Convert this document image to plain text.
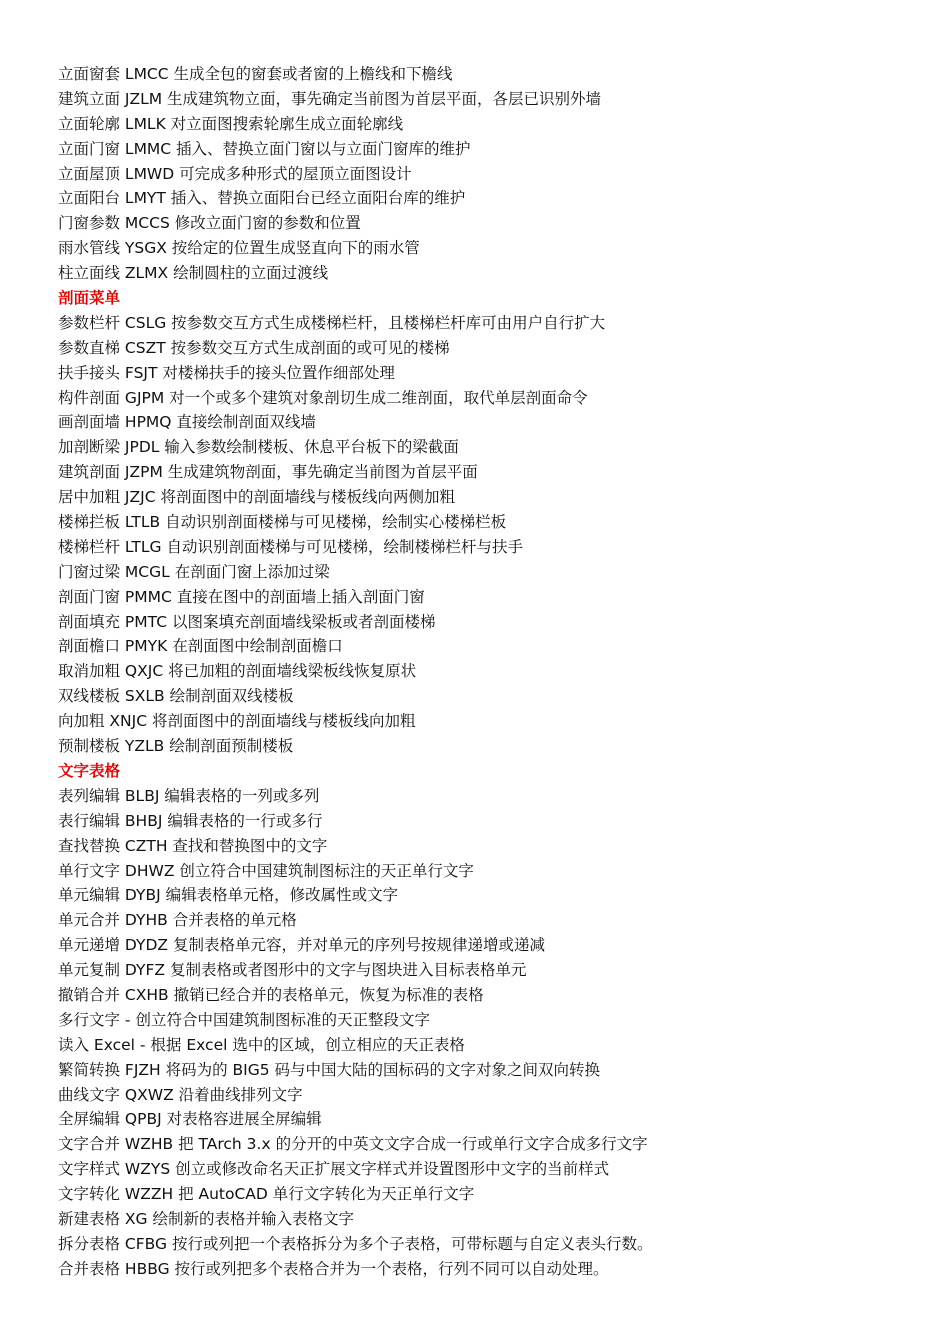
立面窗套 LMCC 生成全包的窗套或者窗的上檐线和下檐线
建筑立面 JZLM 生成建筑物立面，事先确定当前图为首层平面，各层已识别外墙
立面轮廓 LMLK 对立面图搜索轮廓生成立面轮廓线
立面门窗 LMMC 插入、替换立面门窗以与立面门窗库的维护
立面屋顶 LMWD 可完成多种形式的屋顶立面图设计
立面阳台 LMYT 插入、替换立面阳台已经立面阳台库的维护
门窗参数 MCCS 修改立面门窗的参数和位置
雨水管线 YSGX 按给定的位置生成竖直向下的雨水管
柱立面线 ZLMX 绘制圆柱的立面过渡线
剖面菜单
参数栏杆 CSLG 按参数交互方式生成楼梯栏杆，且楼梯栏杆库可由用户自行扩大
参数直梯 CSZT 按参数交互方式生成剖面的或可见的楼梯
扶手接头 FSJT 对楼梯扶手的接头位置作细部处理
构件剖面 GJPM 对一个或多个建筑对象剖切生成二维剖面，取代单层剖面命令
画剖面墙 HPMQ 直接绘制剖面双线墙
加剖断梁 JPDL 输入参数绘制楼板、休息平台板下的梁截面
建筑剖面 JZPM 生成建筑物剖面，事先确定当前图为首层平面
居中加粗 JZJC 将剖面图中的剖面墙线与楼板线向两侧加粗
楼梯拦板 LTLB 自动识别剖面楼梯与可见楼梯，绘制实心楼梯栏板
楼梯栏杆 LTLG 自动识别剖面楼梯与可见楼梯，绘制楼梯栏杆与扶手
门窗过梁 MCGL 在剖面门窗上添加过梁
剖面门窗 PMMC 直接在图中的剖面墙上插入剖面门窗
剖面填充 PMTC 以图案填充剖面墙线梁板或者剖面楼梯
剖面檐口 PMYK 在剖面图中绘制剖面檐口
取消加粗 QXJC 将已加粗的剖面墙线梁板线恢复原状
双线楼板 SXLB 绘制剖面双线楼板
向加粗 XNJC 将剖面图中的剖面墙线与楼板线向加粗
预制楼板 YZLB 绘制剖面预制楼板
文字表格
表列编辑 BLBJ 编辑表格的一列或多列
表行编辑 BHBJ 编辑表格的一行或多行
查找替换 CZTH 查找和替换图中的文字
单行文字 DHWZ 创立符合中国建筑制图标注的天正单行文字
单元编辑 DYBJ 编辑表格单元格，修改属性或文字
单元合并 DYHB 合并表格的单元格
单元递增 DYDZ 复制表格单元容，并对单元的序列号按规律递增或递减
单元复制 DYFZ 复制表格或者图形中的文字与图块进入目标表格单元
撤销合并 CXHB 撤销已经合并的表格单元，恢复为标准的表格
多行文字 - 创立符合中国建筑制图标准的天正整段文字
读入 Excel - 根据 Excel 选中的区域，创立相应的天正表格
繁简转换 FJZH 将码为的 BIG5 码与中国大陆的国标码的文字对象之间双向转换
曲线文字 QXWZ 沿着曲线排列文字
全屏编辑 QPBJ 对表格容进展全屏编辑
文字合并 WZHB 把 TArch 3.x 的分开的中英文文字合成一行或单行文字合成多行文字
文字样式 WZYS 创立或修改命名天正扩展文字样式并设置图形中文字的当前样式
文字转化 WZZH 把 AutoCAD 单行文字转化为天正单行文字
新建表格 XG 绘制新的表格并输入表格文字
拆分表格 CFBG 按行或列把一个表格拆分为多个子表格，可带标题与自定义表头行数。
合并表格 HBBG 按行或列把多个表格合并为一个表格，行列不同可以自动处理。
